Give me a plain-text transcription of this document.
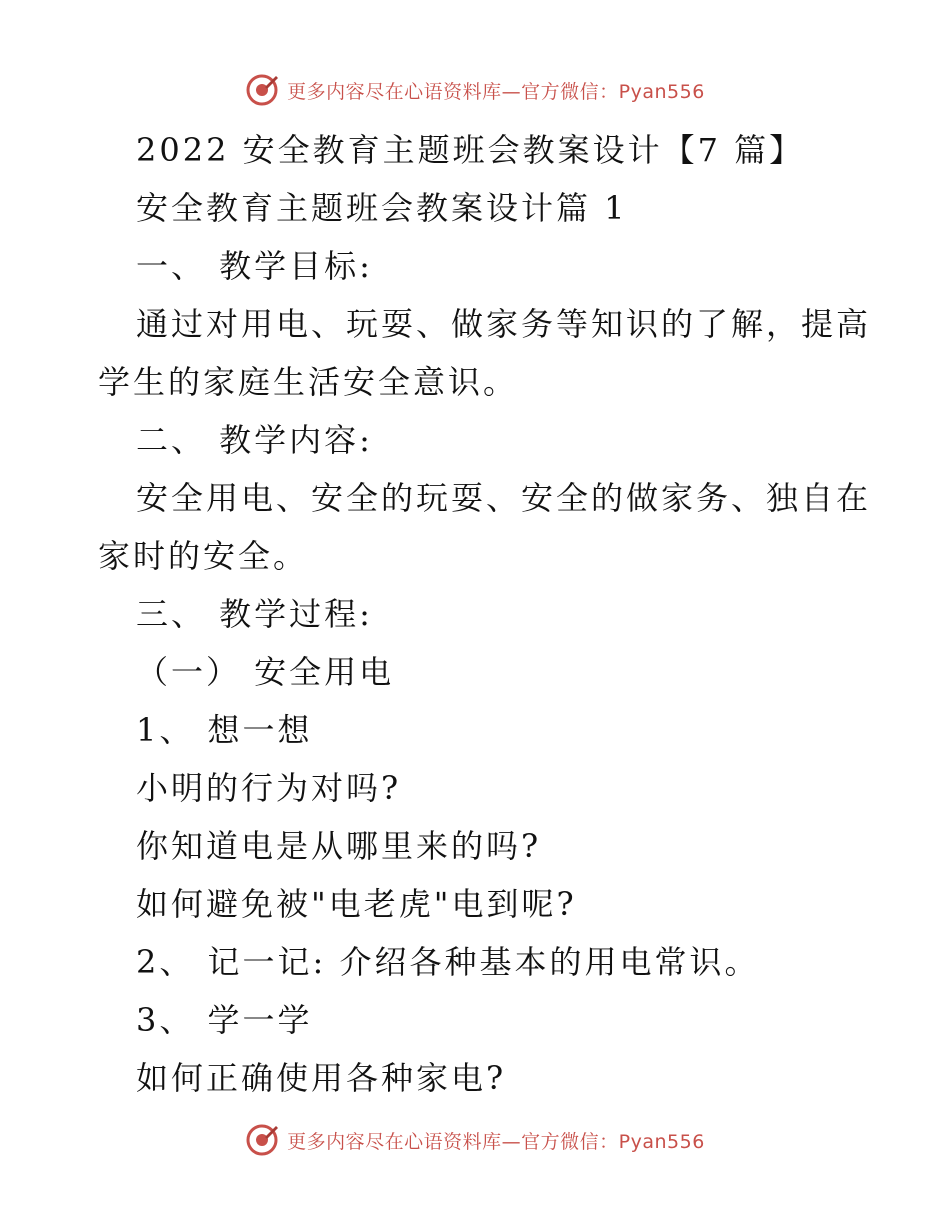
更多内容尽在心语资料库—官方微信：Pyan556
2022 安全教育主题班会教案设计【7 篇】
安全教育主题班会教案设计篇 1
一、 教学目标:
通过对用电、玩耍、做家务等知识的了解，提高
学生的家庭生活安全意识。
二、 教学内容:
安全用电、安全的玩耍、安全的做家务、独自在
家时的安全。
三、 教学过程:
（一） 安全用电
1、 想一想
小明的行为对吗?
你知道电是从哪里来的吗?
如何避免被"电老虎"电到呢?
2、 记一记: 介绍各种基本的用电常识。
3、 学一学
如何正确使用各种家电?
更多内容尽在心语资料库—官方微信：Pyan556
